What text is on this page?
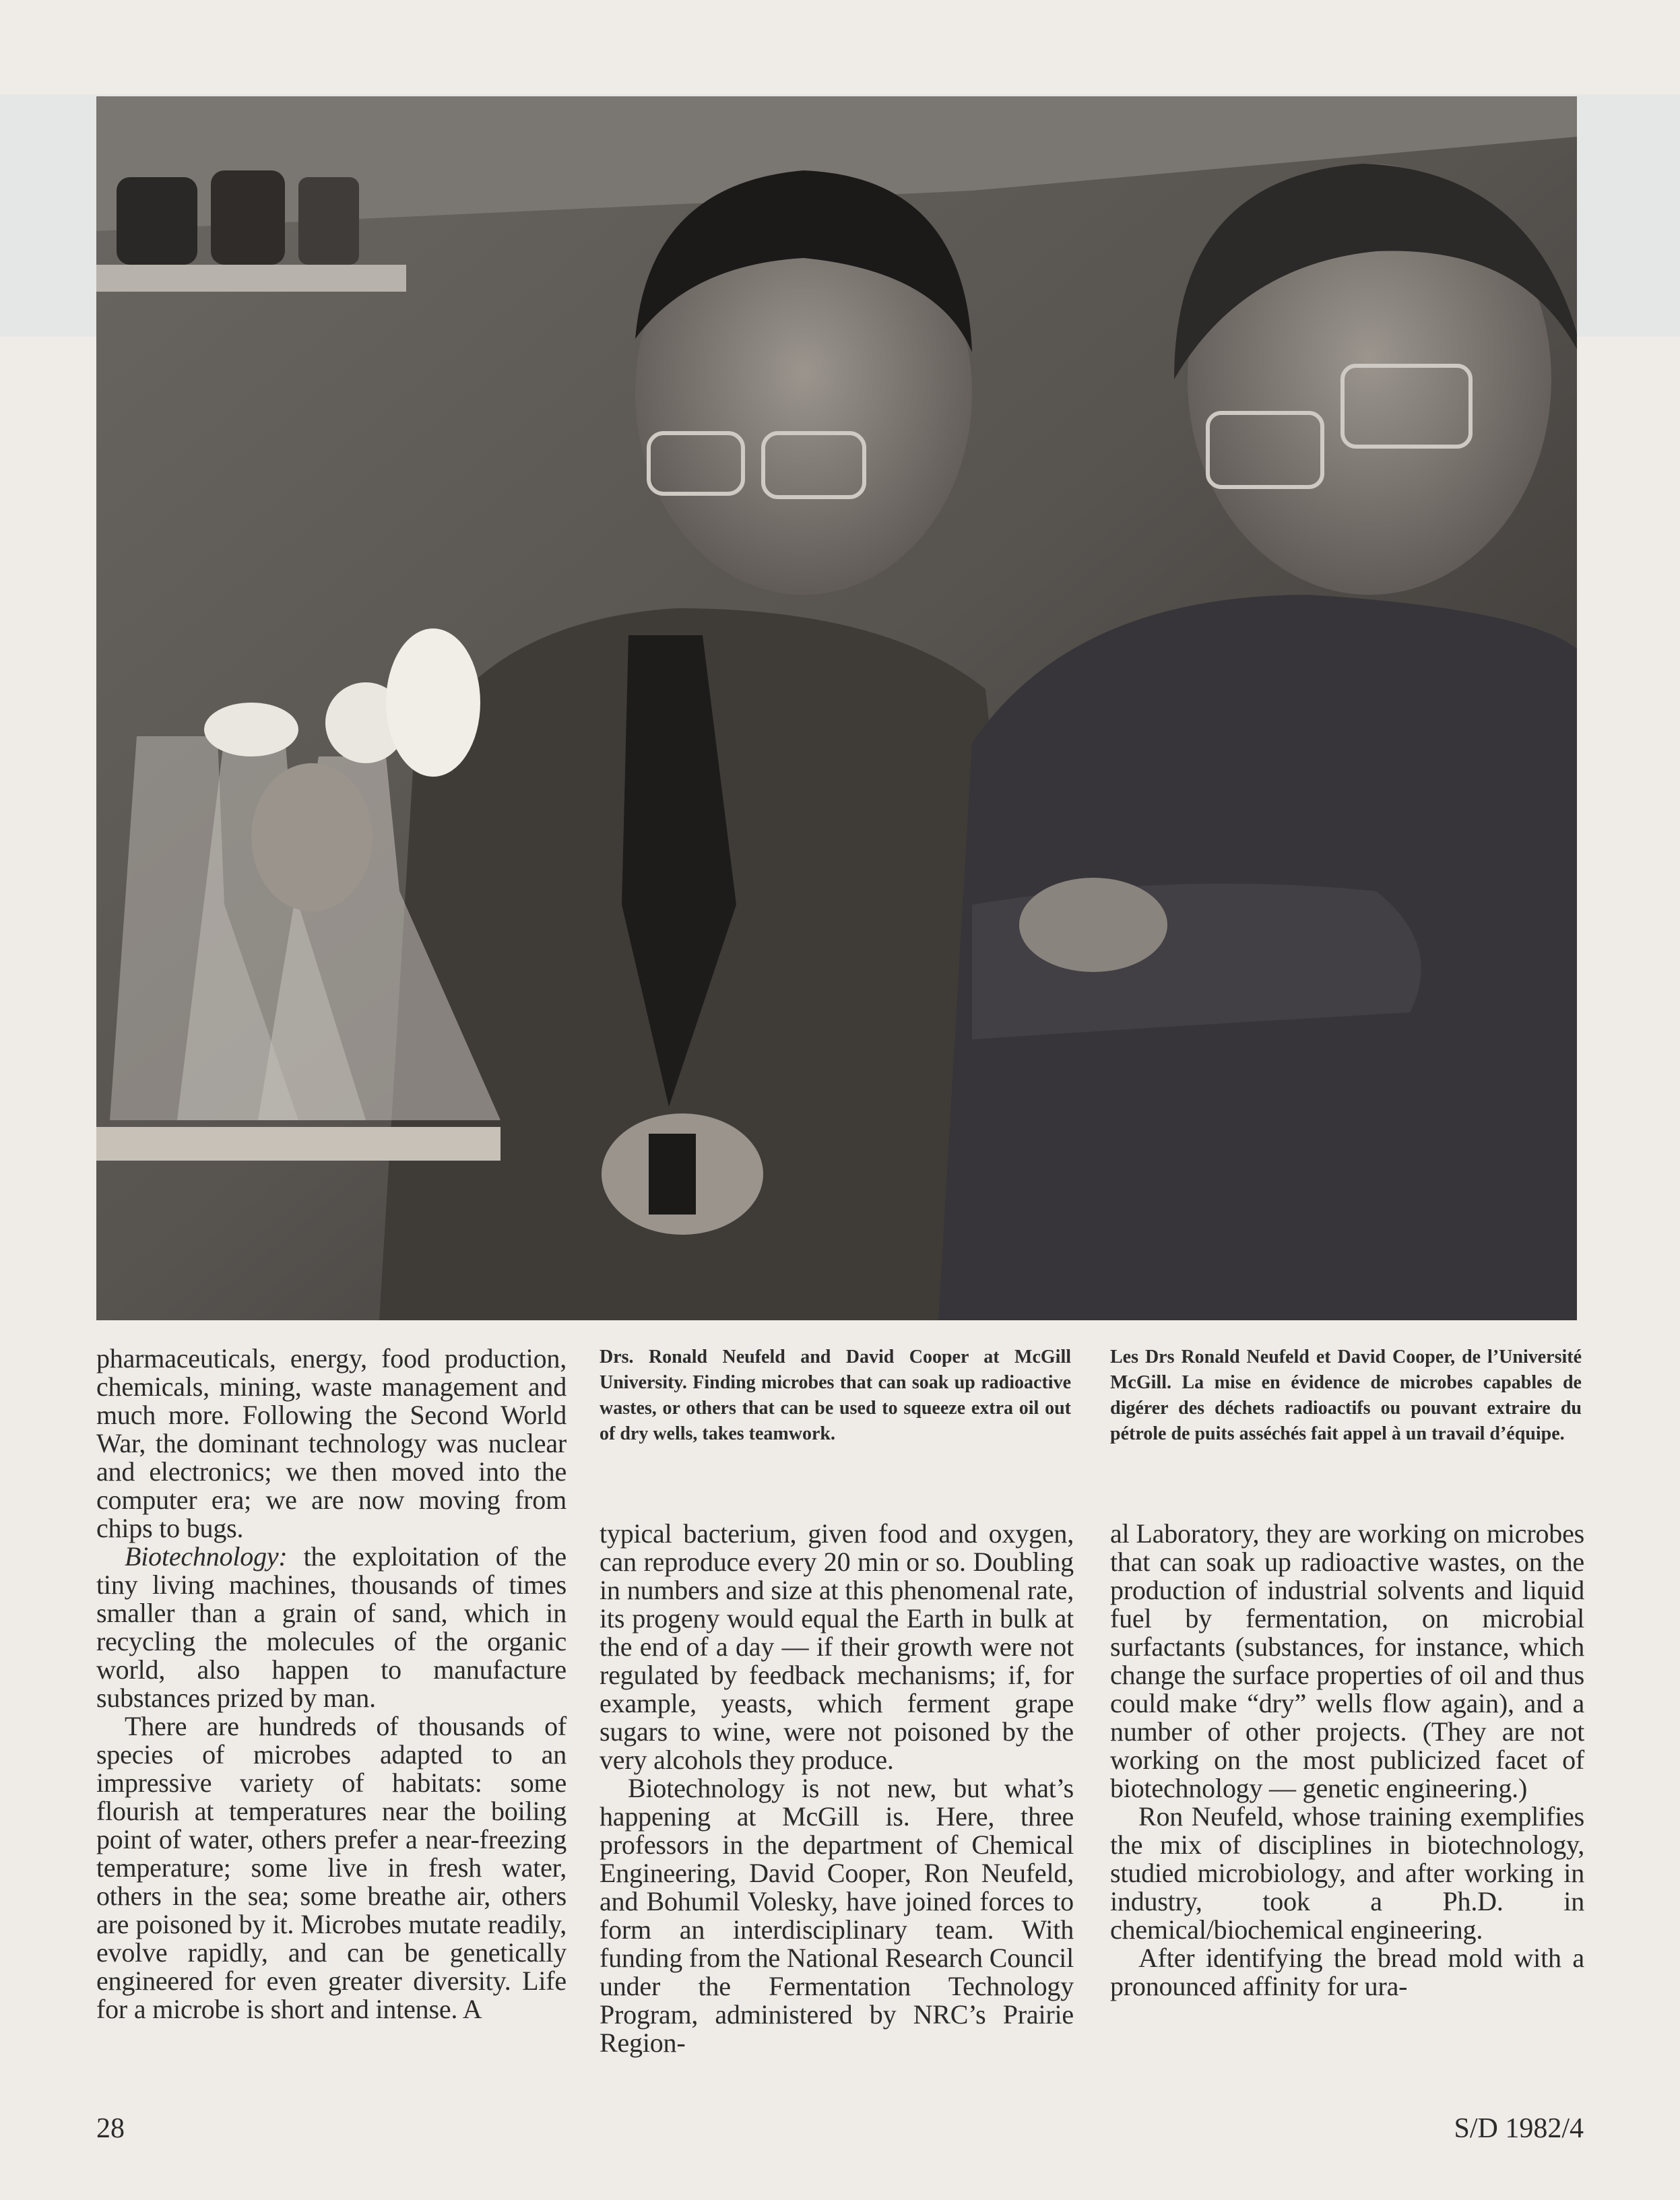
pharmaceuticals, energy, food production, chemicals, mining, waste management and much more. Following the Second World War, the dominant technology was nuclear and electronics; we then moved into the computer era; we are now moving from chips to bugs.

Biotechnology: the exploitation of the tiny living machines, thousands of times smaller than a grain of sand, which in recycling the molecules of the organic world, also happen to manufacture substances prized by man.

There are hundreds of thousands of species of microbes adapted to an impressive variety of habitats: some flourish at temperatures near the boiling point of water, others prefer a near-freezing temperature; some live in fresh water, others in the sea; some breathe air, others are poisoned by it. Microbes mutate readily, evolve rapidly, and can be genetically engineered for even greater diversity. Life for a microbe is short and intense. A

Drs. Ronald Neufeld and David Cooper at McGill University. Finding microbes that can soak up radioactive wastes, or others that can be used to squeeze extra oil out of dry wells, takes teamwork.
Les Drs Ronald Neufeld et David Cooper, de l’Université McGill. La mise en évidence de microbes capables de digérer des déchets radioactifs ou pouvant extraire du pétrole de puits asséchés fait appel à un travail d’équipe.

typical bacterium, given food and oxygen, can reproduce every 20 min or so. Doubling in numbers and size at this phenomenal rate, its progeny would equal the Earth in bulk at the end of a day — if their growth were not regulated by feedback mechanisms; if, for example, yeasts, which ferment grape sugars to wine, were not poisoned by the very alcohols they produce.

Biotechnology is not new, but what’s happening at McGill is. Here, three professors in the department of Chemical Engineering, David Cooper, Ron Neufeld, and Bohumil Volesky, have joined forces to form an interdisciplinary team. With funding from the National Research Council under the Fermentation Technology Program, administered by NRC’s Prairie Region-

al Laboratory, they are working on microbes that can soak up radioactive wastes, on the production of industrial solvents and liquid fuel by fermentation, on microbial surfactants (substances, for instance, which change the surface properties of oil and thus could make “dry” wells flow again), and a number of other projects. (They are not working on the most publicized facet of biotechnology — genetic engineering.)

Ron Neufeld, whose training exemplifies the mix of disciplines in biotechnology, studied microbiology, and after working in industry, took a Ph.D. in chemical/biochemical engineering.

After identifying the bread mold with a pronounced affinity for ura-

28	S/D 1982/4
